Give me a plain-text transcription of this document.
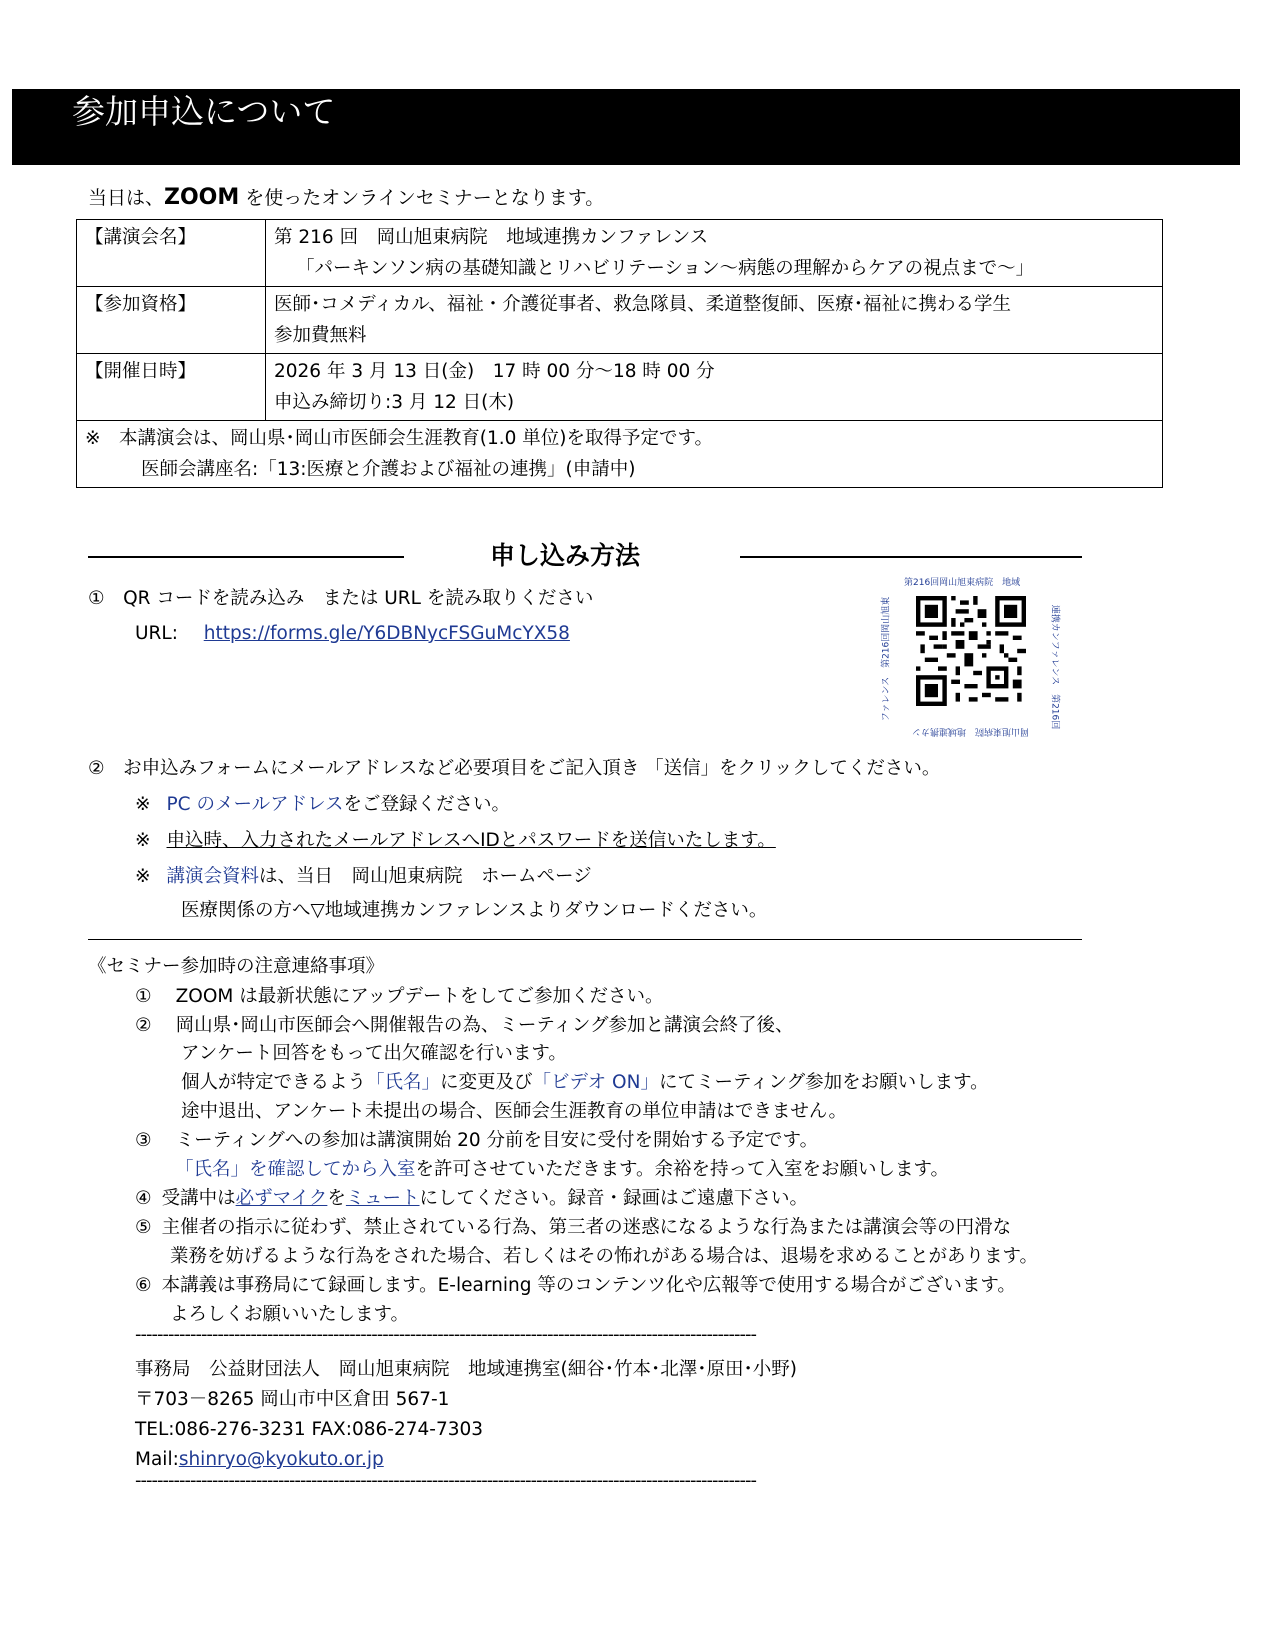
参加申込について
当日は、ZOOM を使ったオンラインセミナーとなります。
【講演会名】	第 216 回　岡山旭東病院　地域連携カンファレンス
「パーキンソン病の基礎知識とリハビリテーション～病態の理解からケアの視点まで～」

【参加資格】	医師･コメディカル、福祉・介護従事者、救急隊員、柔道整復師、医療･福祉に携わる学生
参加費無料

【開催日時】	2026 年 3 月 13 日(金)　17 時 00 分～18 時 00 分
申込み締切り:3 月 12 日(木)

※　本講演会は、岡山県･岡山市医師会生涯教育(1.0 単位)を取得予定です。
医師会講座名:「13:医療と介護および福祉の連携」(申請中)	
申し込み方法
①　QR コードを読み込み　または URL を読み取りください
URL: https://forms.gle/Y6DBNycFSGuMcYX58
第216回岡山旭東病院　地域
連携カンファレンス　第216回
岡山旭東病院　地域連携カン
ファレンス　第216回岡山旭東
②　お申込みフォームにメールアドレスなど必要項目をご記入頂き 「送信」をクリックしてください。
※ PC のメールアドレスをご登録ください。
※ 申込時、入力されたメールアドレスへIDとパスワードを送信いたします。
※ 講演会資料は、当日　岡山旭東病院　ホームページ
医療関係の方へ▽地域連携カンファレンスよりダウンロードください。
《セミナー参加時の注意連絡事項》
① ZOOM は最新状態にアップデートをしてご参加ください。
② 岡山県･岡山市医師会へ開催報告の為、ミーティング参加と講演会終了後、
アンケート回答をもって出欠確認を行います。
個人が特定できるよう「氏名」に変更及び「ビデオ ON」にてミーティング参加をお願いします。
途中退出、アンケート未提出の場合、医師会生涯教育の単位申請はできません。
③ ミーティングへの参加は講演開始 20 分前を目安に受付を開始する予定です。
「氏名」を確認してから入室を許可させていただきます。余裕を持って入室をお願いします。
④ 受講中は必ずマイクをミュートにしてください。録音・録画はご遠慮下さい。
⑤ 主催者の指示に従わず、禁止されている行為、第三者の迷惑になるような行為または講演会等の円滑な
業務を妨げるような行為をされた場合、若しくはその怖れがある場合は、退場を求めることがあります。
⑥ 本講義は事務局にて録画します。E-learning 等のコンテンツ化や広報等で使用する場合がございます。
よろしくお願いいたします。
-----------------------------------------------------------------------------------------------------------------
事務局　公益財団法人　岡山旭東病院　地域連携室(細谷･竹本･北澤･原田･小野)
〒703－8265 岡山市中区倉田 567-1
TEL:086-276-3231 FAX:086-274-7303
Mail:shinryo@kyokuto.or.jp
-----------------------------------------------------------------------------------------------------------------
